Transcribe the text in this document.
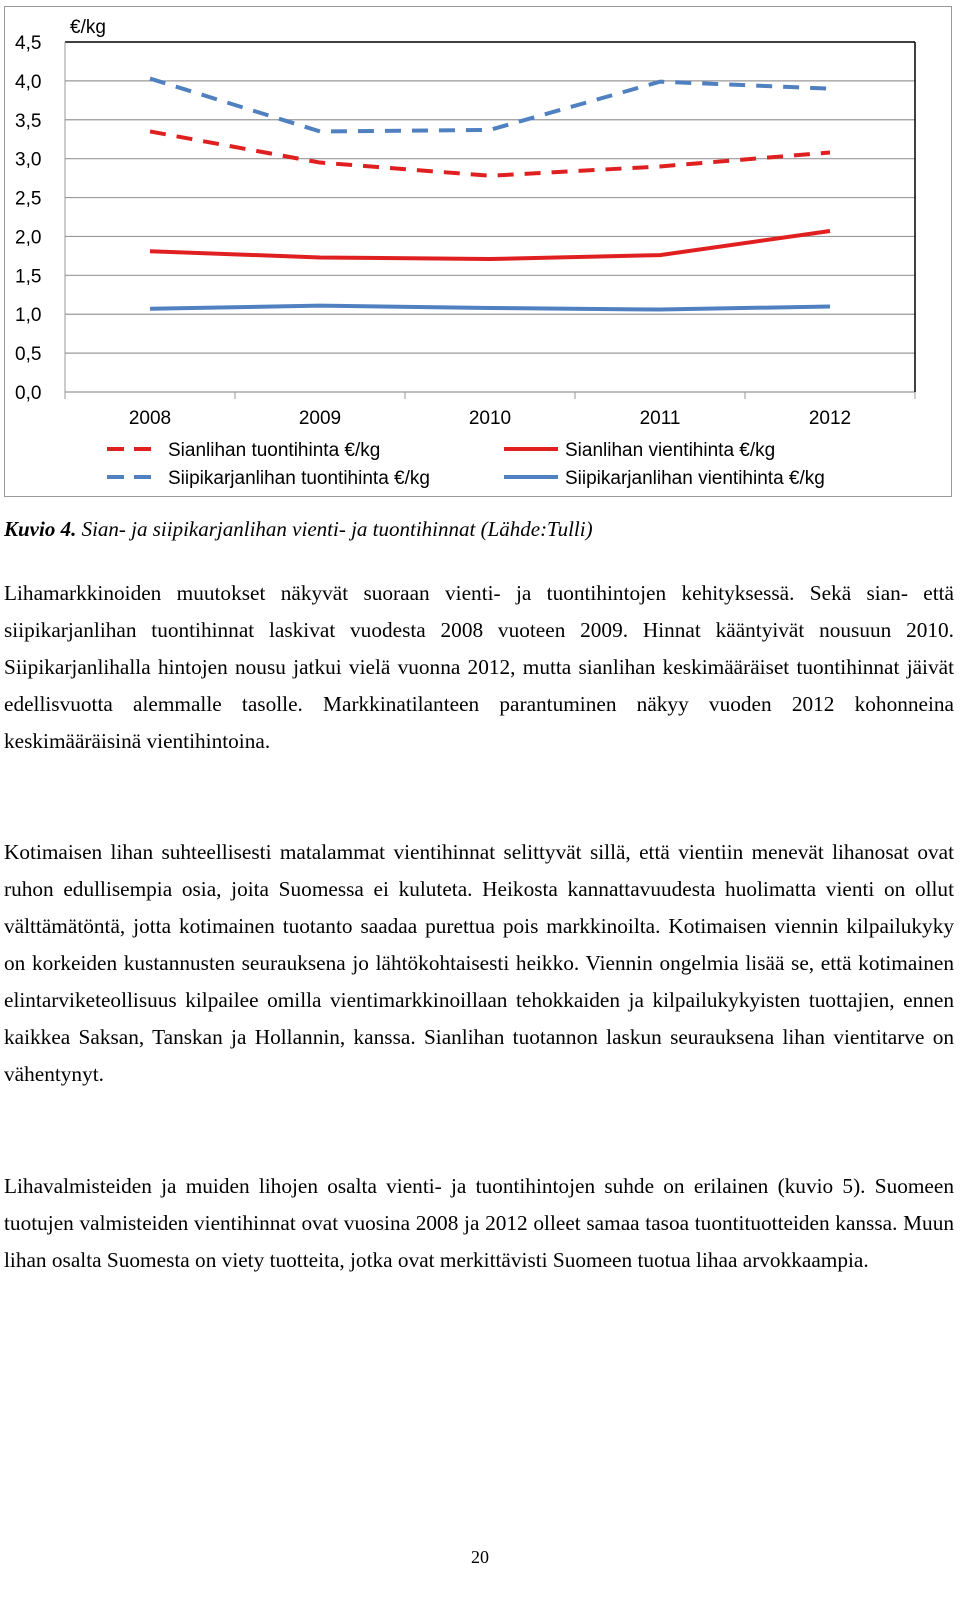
€/kg
4,5
4,0
3,5
3,0
2,5
2,0
1,5
1,0
0,5
0,0
2008	2009	2010	2011	2012
Sianlihan tuontihinta €/kg	Sianlihan vientihinta €/kg
Siipikarjanlihan tuontihinta €/kg	Siipikarjanlihan vientihinta €/kg

Kuvio 4. Sian- ja siipikarjanlihan vienti- ja tuontihinnat (Lähde:Tulli)

Lihamarkkinoiden muutokset näkyvät suoraan vienti- ja tuontihintojen kehityksessä. Sekä sian- että siipikarjanlihan tuontihinnat laskivat vuodesta 2008 vuoteen 2009. Hinnat kääntyivät nousuun 2010. Siipikarjanlihalla hintojen nousu jatkui vielä vuonna 2012, mutta sianlihan keskimääräiset tuontihinnat jäivät edellisvuotta alemmalle tasolle. Markkinatilanteen parantuminen näkyy vuoden 2012 kohonneina keskimääräisinä vientihintoina.

Kotimaisen lihan suhteellisesti matalammat vientihinnat selittyvät sillä, että vientiin menevät lihanosat ovat ruhon edullisempia osia, joita Suomessa ei kuluteta. Heikosta kannattavuudesta huolimatta vienti on ollut välttämätöntä, jotta kotimainen tuotanto saadaa purettua pois markkinoilta. Kotimaisen viennin kilpailukyky on korkeiden kustannusten seurauksena jo lähtökohtaisesti heikko. Viennin ongelmia lisää se, että kotimainen elintarviketeollisuus kilpailee omilla vientimarkkinoillaan tehokkaiden ja kilpailukykyisten tuottajien, ennen kaikkea Saksan, Tanskan ja Hollannin, kanssa. Sianlihan tuotannon laskun seurauksena lihan vientitarve on vähentynyt.

Lihavalmisteiden ja muiden lihojen osalta vienti- ja tuontihintojen suhde on erilainen (kuvio 5). Suomeen tuotujen valmisteiden vientihinnat ovat vuosina 2008 ja 2012 olleet samaa tasoa tuontituotteiden kanssa. Muun lihan osalta Suomesta on viety tuotteita, jotka ovat merkittävisti Suomeen tuotua lihaa arvokkaampia.

20
